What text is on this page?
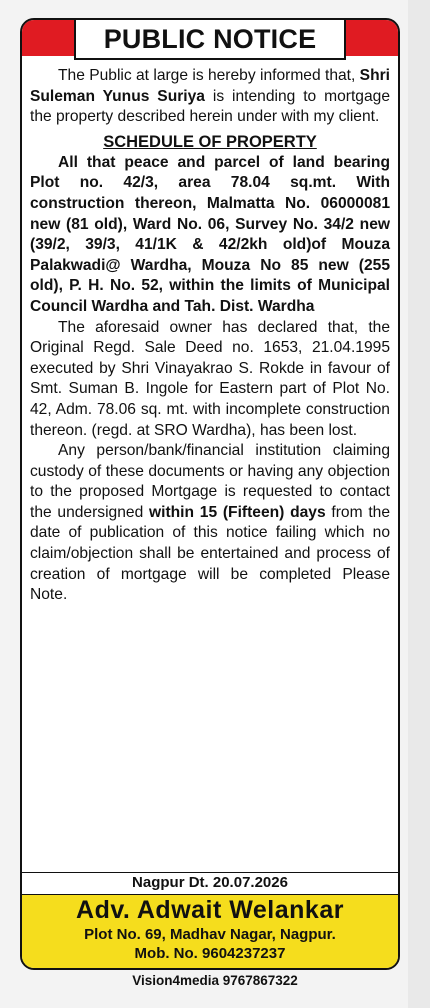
PUBLIC NOTICE

The Public at large is hereby informed that, Shri Suleman Yunus Suriya is intending to mortgage the property described herein under with my client.

SCHEDULE OF PROPERTY

All that peace and parcel of land bearing Plot no. 42/3, area 78.04 sq.mt. With construction thereon, Malmatta No. 06000081 new (81 old), Ward No. 06, Survey No. 34/2 new (39/2, 39/3, 41/1K & 42/2kh old)of Mouza Palakwadi@ Wardha, Mouza No 85 new (255 old), P. H. No. 52, within the limits of Municipal Council Wardha and Tah. Dist. Wardha

The aforesaid owner has declared that, the Original Regd. Sale Deed no. 1653, 21.04.1995 executed by Shri Vinayakrao S. Rokde in favour of Smt. Suman B. Ingole for Eastern part of Plot No. 42, Adm. 78.06 sq. mt. with incomplete construction thereon. (regd. at SRO Wardha), has been lost.

Any person/bank/financial institution claiming custody of these documents or having any objection to the proposed Mortgage is requested to contact the undersigned within 15 (Fifteen) days from the date of publication of this notice failing which no claim/objection shall be entertained and process of creation of mortgage will be completed Please Note.

Nagpur Dt. 20.07.2026
Adv. Adwait Welankar
Plot No. 69, Madhav Nagar, Nagpur.
Mob. No. 9604237237
Vision4media 9767867322
